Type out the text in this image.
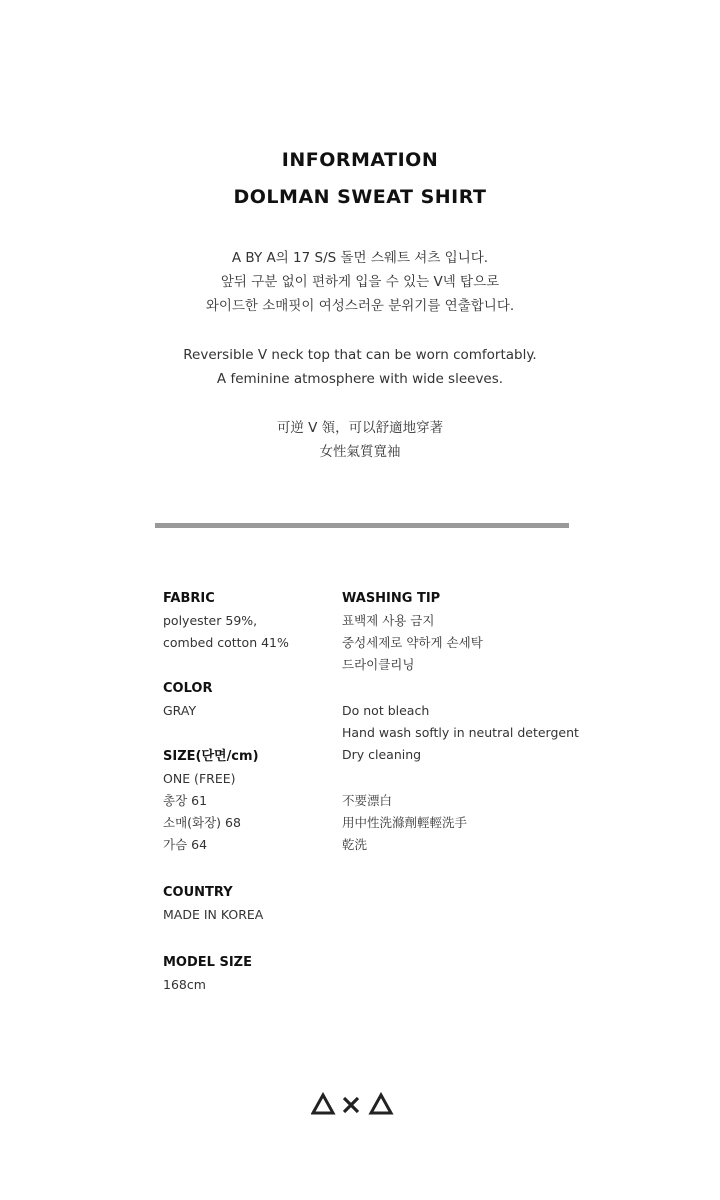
INFORMATION
DOLMAN SWEAT SHIRT
A BY A의 17 S/S 돌먼 스웨트 셔츠 입니다.
앞뒤 구분 없이 편하게 입을 수 있는 V넥 탑으로
와이드한 소매핏이 여성스러운 분위기를 연출합니다.
Reversible V neck top that can be worn comfortably.
A feminine atmosphere with wide sleeves.
可逆 V 領，可以舒適地穿著
女性氣質寬袖

FABRIC

polyester 59%,

combed cotton 41%

COLOR

GRAY

SIZE(단면/cm)

ONE (FREE)

총장 61

소매(화장) 68

가슴 64

COUNTRY

MADE IN KOREA

MODEL SIZE

168cm

WASHING TIP

표백제 사용 금지

중성세제로 약하게 손세탁

드라이클리닝

Do not bleach

Hand wash softly in neutral detergent

Dry cleaning

不要漂白

用中性洗滌劑輕輕洗手

乾洗
